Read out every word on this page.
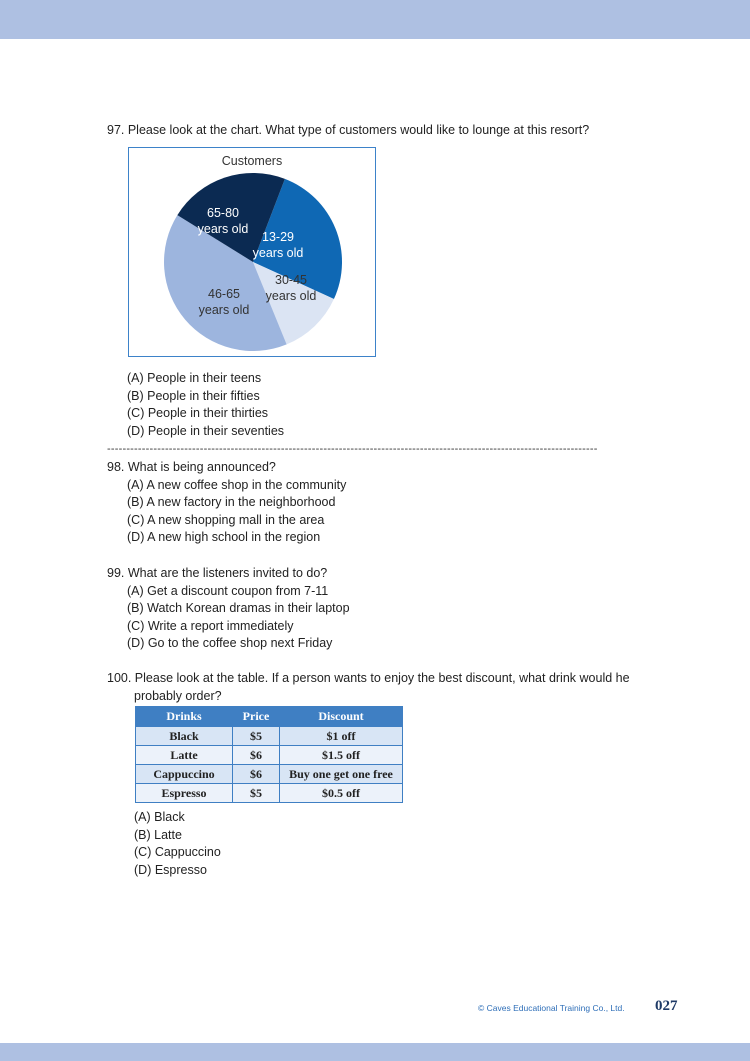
97. Please look at the chart. What type of customers would like to lounge at this resort?

Customers
13-29
years old
30-45
years old
46-65
years old
65-80
years old
(A) People in their teens
(B) People in their fifties
(C) People in their thirties
(D) People in their seventies
-------------------------------------------------------------------------------------------------------------------------------
98. What is being announced?
(A) A new coffee shop in the community
(B) A new factory in the neighborhood
(C) A new shopping mall in the area
(D) A new high school in the region
99. What are the listeners invited to do?
(A) Get a discount coupon from 7-11
(B) Watch Korean dramas in their laptop
(C) Write a report immediately
(D) Go to the coffee shop next Friday
100. Please look at the table. If a person wants to enjoy the best discount, what drink would he
probably order?
Drinks	Price	Discount
Black	$5	$1 off
Latte	$6	$1.5 off
Cappuccino	$6	Buy one get one free
Espresso	$5	$0.5 off
(A) Black
(B) Latte
(C) Cappuccino
(D) Espresso
© Caves Educational Training Co., Ltd. 027
